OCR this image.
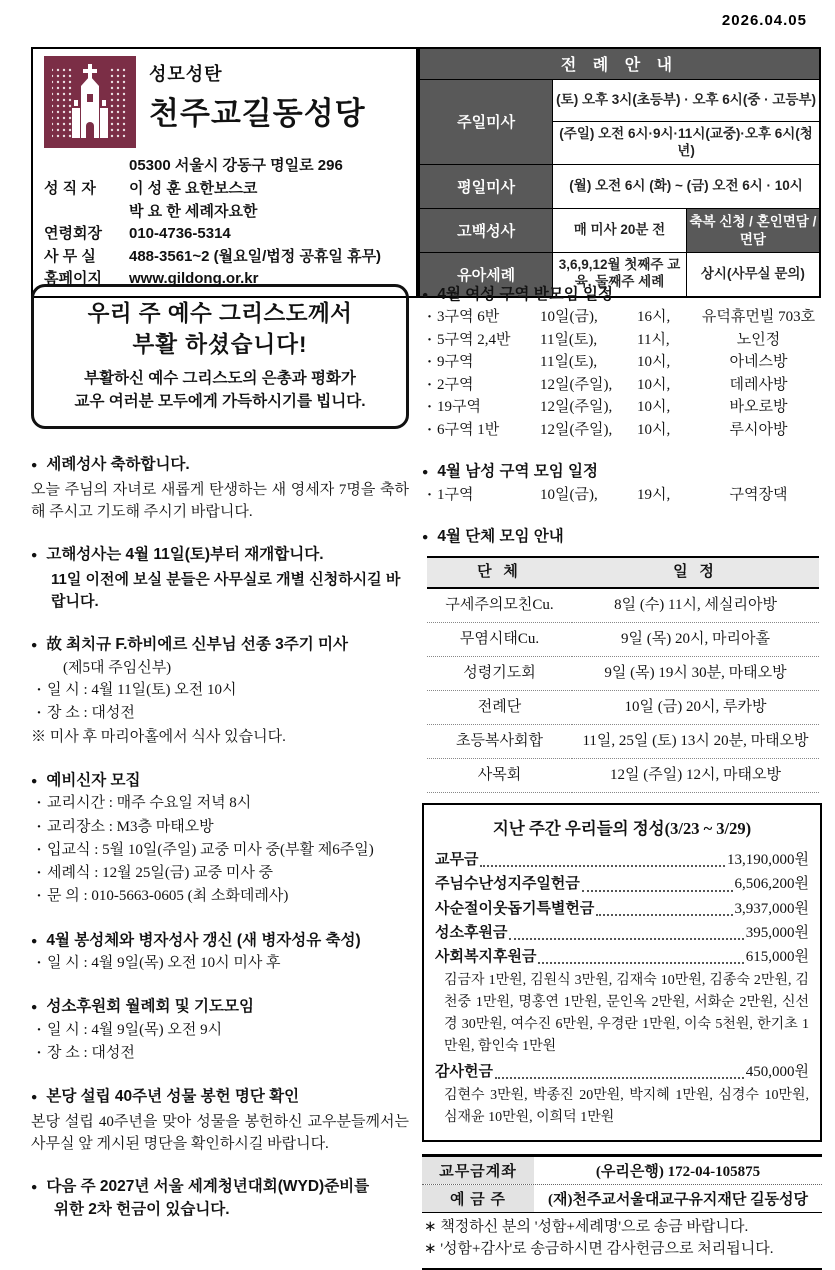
2026.04.05
성모성탄
천주교길동성당
05300 서울시 강동구 명일로 296
성 직 자	이 성 훈 요한보스코
박 요 한 세례자요한
연령회장	010-4736-5314
사 무 실	488-3561~2 (월요일/법정 공휴일 휴무)
홈페이지	www.gildong.or.kr
전 례 안 내		
주일미사	(토) 오후 3시(초등부) · 오후 6시(중 · 고등부)	
	(주일) 오전 6시·9시·11시(교중)·오후 6시(청년)	
평일미사	(월) 오전 6시 (화) ~ (금) 오전 6시 · 10시	
고백성사	매 미사 20분 전	축복 신청 / 혼인면담 / 면담
유아세례	3,6,9,12월 첫째주 교육, 둘째주 세례	상시(사무실 문의)
우리 주 예수 그리스도께서
부활 하셨습니다!
부활하신 예수 그리스도의 은총과 평화가
교우 여러분 모두에게 가득하시기를 빕니다.
● 세례성사 축하합니다.
오늘 주님의 자녀로 새롭게 탄생하는 새 영세자 7명을 축하해 주시고 기도해 주시기 바랍니다.
● 고해성사는 4월 11일(토)부터 재개합니다.
11일 이전에 보실 분들은 사무실로 개별 신청하시길 바랍니다.
● 故 최치규 F.하비에르 신부님 선종 3주기 미사
(제5대 주임신부)
· 일 시 : 4월 11일(토) 오전 10시
· 장 소 : 대성전
※ 미사 후 마리아홀에서 식사 있습니다.
● 예비신자 모집
· 교리시간 : 매주 수요일 저녁 8시
· 교리장소 : M3층 마태오방
· 입교식 : 5월 10일(주일) 교중 미사 중(부활 제6주일)
· 세례식 : 12월 25일(금) 교중 미사 중
· 문 의 : 010-5663-0605 (최 소화데레사)
● 4월 봉성체와 병자성사 갱신 (새 병자성유 축성)
· 일 시 : 4월 9일(목) 오전 10시 미사 후
● 성소후원회 월례회 및 기도모임
· 일 시 : 4월 9일(목) 오전 9시
· 장 소 : 대성전
● 본당 설립 40주년 성물 봉헌 명단 확인
본당 설립 40주년을 맞아 성물을 봉헌하신 교우분들께서는 사무실 앞 게시된 명단을 확인하시길 바랍니다.
● 다음 주 2027년 서울 세계청년대회(WYD)준비를
위한 2차 헌금이 있습니다.
● 4월 여성 구역 반모임 일정
· 3구역 6반	10일(금),	16시,	유덕휴먼빌 703호
· 5구역 2,4반	11일(토),	11시,	노인정
· 9구역	11일(토),	10시,	아네스방
· 2구역	12일(주일),	10시,	데레사방
· 19구역	12일(주일),	10시,	바오로방
· 6구역 1반	12일(주일),	10시,	루시아방
● 4월 남성 구역 모임 일정
· 1구역	10일(금),	19시,	구역장댁
● 4월 단체 모임 안내
단 체	일 정
구세주의모친Cu.	8일 (수) 11시, 세실리아방
무염시태Cu.	9일 (목) 20시, 마리아홀
성령기도회	9일 (목) 19시 30분, 마태오방
전례단	10일 (금) 20시, 루카방
초등복사회합	11일, 25일 (토) 13시 20분, 마태오방
사목회	12일 (주일) 12시, 마태오방
지난 주간 우리들의 정성(3/23 ~ 3/29)
교무금	13,190,000원
주님수난성지주일헌금	6,506,200원
사순절이웃돕기특별헌금	3,937,000원
성소후원금	395,000원
사회복지후원금	615,000원
김금자 1만원, 김원식 3만원, 김재숙 10만원, 김종숙 2만원, 김천중 1만원, 명홍연 1만원, 문인옥 2만원, 서화순 2만원, 신선경 30만원, 여수진 6만원, 우경란 1만원, 이숙 5천원, 한기초 1만원, 함인숙 1만원
감사헌금	450,000원
김현수 3만원, 박종진 20만원, 박지혜 1만원, 심경수 10만원, 심재윤 10만원, 이희덕 1만원
교무금계좌	(우리은행) 172-04-105875
예 금 주	(재)천주교서울대교구유지재단 길동성당
∗ 책정하신 분의 '성함+세례명'으로 송금 바랍니다.
∗ '성함+감사'로 송금하시면 감사헌금으로 처리됩니다.
